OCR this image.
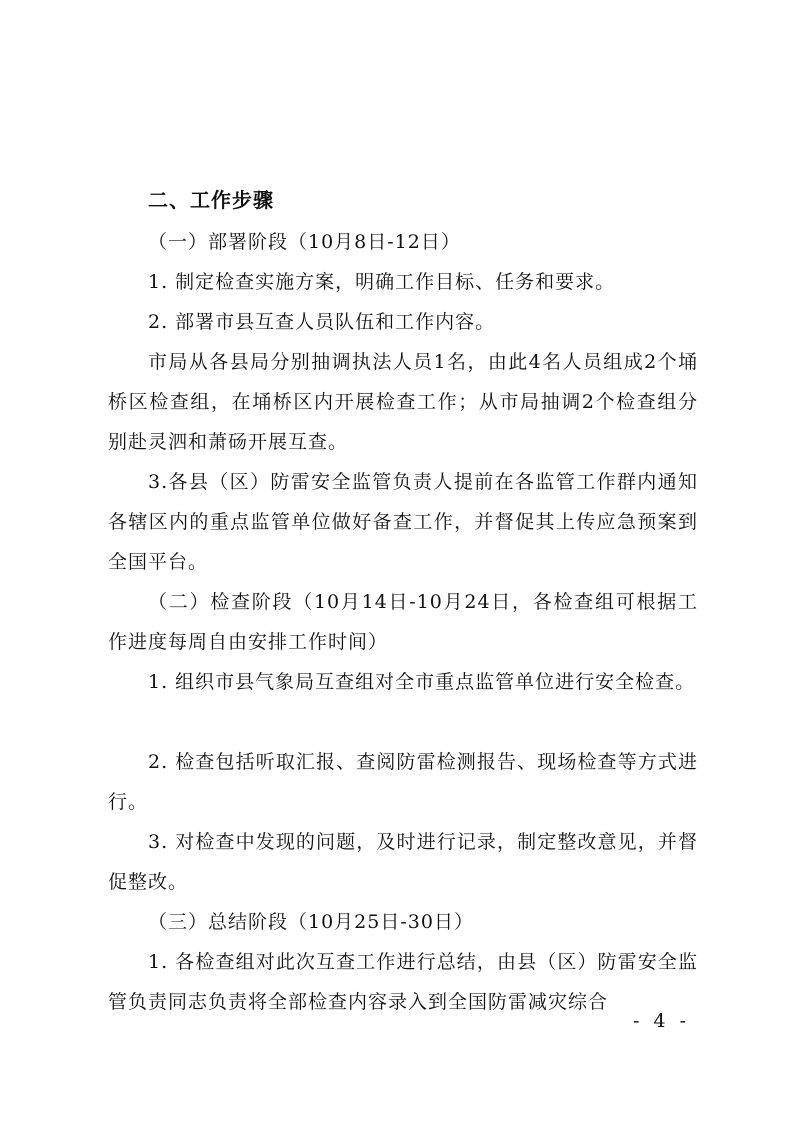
二、工作步骤
（一）部署阶段（10月8日-12日）
1. 制定检查实施方案，明确工作目标、任务和要求。
2. 部署市县互查人员队伍和工作内容。
市局从各县局分别抽调执法人员1名，由此4名人员组成2个埇桥区检查组，在埇桥区内开展检查工作；从市局抽调2个检查组分别赴灵泗和萧砀开展互查。
3.各县（区）防雷安全监管负责人提前在各监管工作群内通知各辖区内的重点监管单位做好备查工作，并督促其上传应急预案到全国平台。
（二）检查阶段（10月14日-10月24日，各检查组可根据工作进度每周自由安排工作时间）
1. 组织市县气象局互查组对全市重点监管单位进行安全检查。
2. 检查包括听取汇报、查阅防雷检测报告、现场检查等方式进行。
3. 对检查中发现的问题，及时进行记录，制定整改意见，并督促整改。
（三）总结阶段（10月25日-30日）
1. 各检查组对此次互查工作进行总结，由县（区）防雷安全监管负责同志负责将全部检查内容录入到全国防雷减灾综合
- 4 -
